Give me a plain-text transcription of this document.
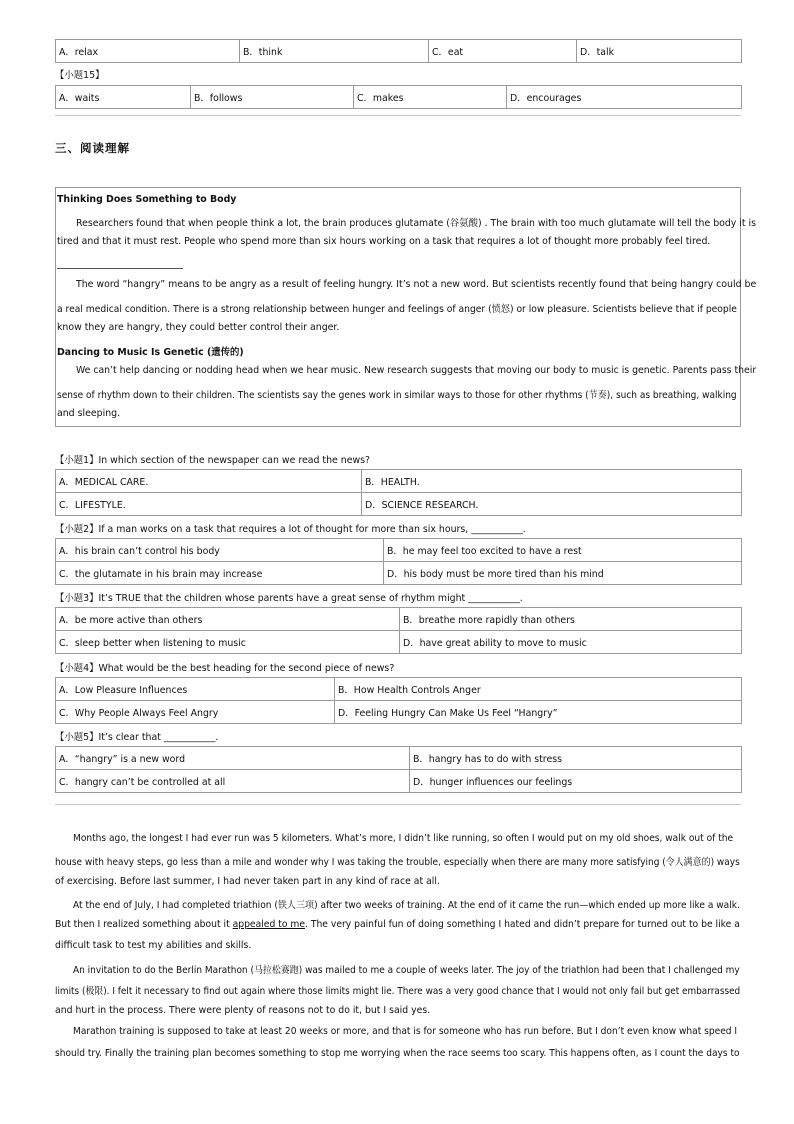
A．relax	B．think	C．eat	D．talk
【小题15】
A．waits	B．follows	C．makes	D．encourages
三、阅读理解
Thinking Does Something to Body
Researchers found that when people think a lot, the brain produces glutamate (谷氨酸) . The brain with too much glutamate will tell the body it is
tired and that it must rest. People who spend more than six hours working on a task that requires a lot of thought more probably feel tired.
The word “hangry” means to be angry as a result of feeling hungry. It’s not a new word. But scientists recently found that being hangry could be
a real medical condition. There is a strong relationship between hunger and feelings of anger (愤怒) or low pleasure. Scientists believe that if people
know they are hangry, they could better control their anger.
Dancing to Music Is Genetic (遗传的)
We can’t help dancing or nodding head when we hear music. New research suggests that moving our body to music is genetic. Parents pass their
sense of rhythm down to their children. The scientists say the genes work in similar ways to those for other rhythms (节奏), such as breathing, walking
and sleeping.
【小题1】In which section of the newspaper can we read the news?
A．MEDICAL CARE.	B．HEALTH.
C．LIFESTYLE.	D．SCIENCE RESEARCH.
【小题2】If a man works on a task that requires a lot of thought for more than six hours, ___________.
A．his brain can’t control his body	B．he may feel too excited to have a rest
C．the glutamate in his brain may increase	D．his body must be more tired than his mind
【小题3】It’s TRUE that the children whose parents have a great sense of rhythm might ___________.
A．be more active than others	B．breathe more rapidly than others
C．sleep better when listening to music	D．have great ability to move to music
【小题4】What would be the best heading for the second piece of news?
A．Low Pleasure Influences	B．How Health Controls Anger
C．Why People Always Feel Angry	D．Feeling Hungry Can Make Us Feel “Hangry”
【小题5】It’s clear that ___________.
A．“hangry” is a new word	B．hangry has to do with stress
C．hangry can’t be controlled at all	D．hunger influences our feelings
Months ago, the longest I had ever run was 5 kilometers. What’s more, I didn’t like running, so often I would put on my old shoes, walk out of the
house with heavy steps, go less than a mile and wonder why I was taking the trouble, especially when there are many more satisfying (令人满意的) ways
of exercising. Before last summer, I had never taken part in any kind of race at all.
At the end of July, I had completed triathion (铁人三项) after two weeks of training. At the end of it came the run—which ended up more like a walk.
But then I realized something about it appealed to me. The very painful fun of doing something I hated and didn’t prepare for turned out to be like a
difficult task to test my abilities and skills.
An invitation to do the Berlin Marathon (马拉松赛跑) was mailed to me a couple of weeks later. The joy of the triathlon had been that I challenged my
limits (极限). I felt it necessary to find out again where those limits might lie. There was a very good chance that I would not only fail but get embarrassed
and hurt in the process. There were plenty of reasons not to do it, but I said yes.
Marathon training is supposed to take at least 20 weeks or more, and that is for someone who has run before. But I don’t even know what speed I
should try. Finally the training plan becomes something to stop me worrying when the race seems too scary. This happens often, as I count the days to
